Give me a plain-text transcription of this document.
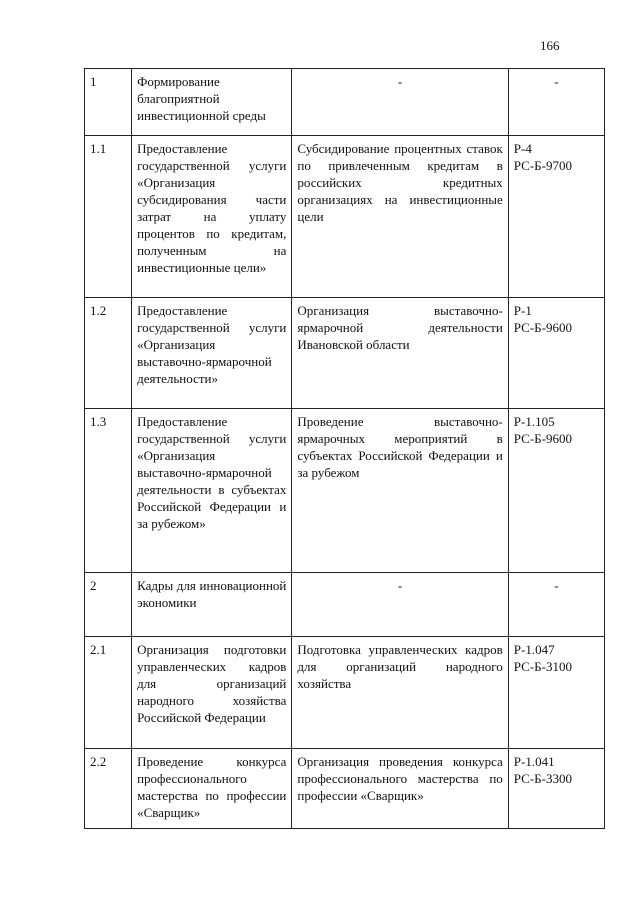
166
1	Формирование благоприятной инвестиционной среды	-	-

1.1	Предоставление государственной услуги «Организация субсидирования части затрат на уплату процентов по кредитам, полученным на инвестиционные цели»	Субсидирование процентных ставок по привлеченным кредитам в российских кредитных организациях на инвестиционные цели	Р-4
РС-Б-9700

1.2	Предоставление государственной услуги «Организация выставочно-ярмарочной деятельности»	Организация выставочно-ярмарочной деятельности Ивановской области	Р-1
РС-Б-9600

1.3	Предоставление государственной услуги «Организация выставочно-ярмарочной деятельности в субъектах Российской Федерации и за рубежом»	Проведение выставочно-ярмарочных мероприятий в субъектах Российской Федерации и за рубежом	Р-1.105
РС-Б-9600

2	Кадры для инновационной экономики	-	-

2.1	Организация подготовки управленческих кадров для организаций народного хозяйства Российской Федерации	Подготовка управленческих кадров для организаций народного хозяйства	Р-1.047
РС-Б-3100

2.2	Проведение конкурса профессионального мастерства по профессии «Сварщик»	Организация проведения конкурса профессионального мастерства по профессии «Сварщик»	Р-1.041
РС-Б-3300
